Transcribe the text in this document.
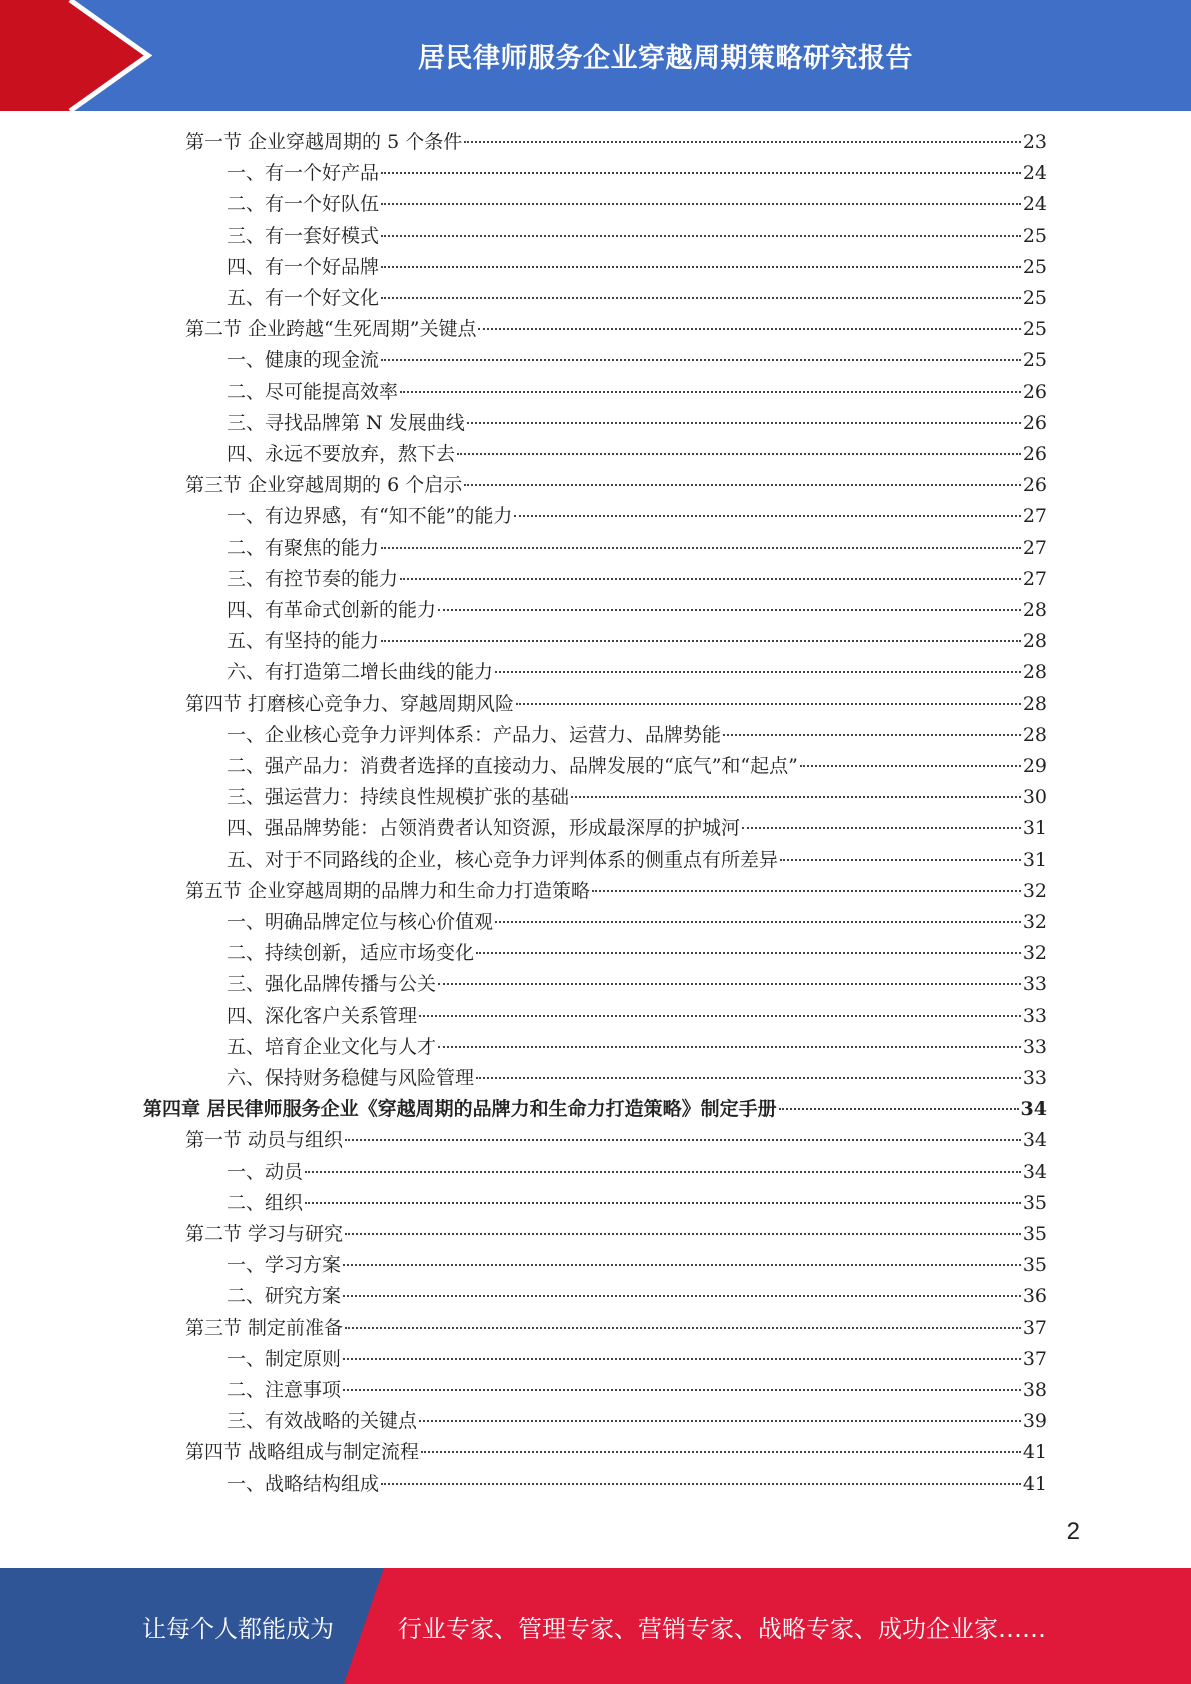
居民律师服务企业穿越周期策略研究报告
第一节 企业穿越周期的 5 个条件	23
一、有一个好产品	24
二、有一个好队伍	24
三、有一套好模式	25
四、有一个好品牌	25
五、有一个好文化	25
第二节 企业跨越“生死周期”关键点	25
一、健康的现金流	25
二、尽可能提高效率	26
三、寻找品牌第 N 发展曲线	26
四、永远不要放弃，熬下去	26
第三节 企业穿越周期的 6 个启示	26
一、有边界感，有“知不能”的能力	27
二、有聚焦的能力	27
三、有控节奏的能力	27
四、有革命式创新的能力	28
五、有坚持的能力	28
六、有打造第二增长曲线的能力	28
第四节 打磨核心竞争力、穿越周期风险	28
一、企业核心竞争力评判体系：产品力、运营力、品牌势能	28
二、强产品力：消费者选择的直接动力、品牌发展的“底气”和“起点”	29
三、强运营力：持续良性规模扩张的基础	30
四、强品牌势能：占领消费者认知资源，形成最深厚的护城河	31
五、对于不同路线的企业，核心竞争力评判体系的侧重点有所差异	31
第五节 企业穿越周期的品牌力和生命力打造策略	32
一、明确品牌定位与核心价值观	32
二、持续创新，适应市场变化	32
三、强化品牌传播与公关	33
四、深化客户关系管理	33
五、培育企业文化与人才	33
六、保持财务稳健与风险管理	33
第四章 居民律师服务企业《穿越周期的品牌力和生命力打造策略》制定手册	34
第一节 动员与组织	34
一、动员	34
二、组织	35
第二节 学习与研究	35
一、学习方案	35
二、研究方案	36
第三节 制定前准备	37
一、制定原则	37
二、注意事项	38
三、有效战略的关键点	39
第四节 战略组成与制定流程	41
一、战略结构组成	41
2
让每个人都能成为	行业专家、管理专家、营销专家、战略专家、成功企业家……
